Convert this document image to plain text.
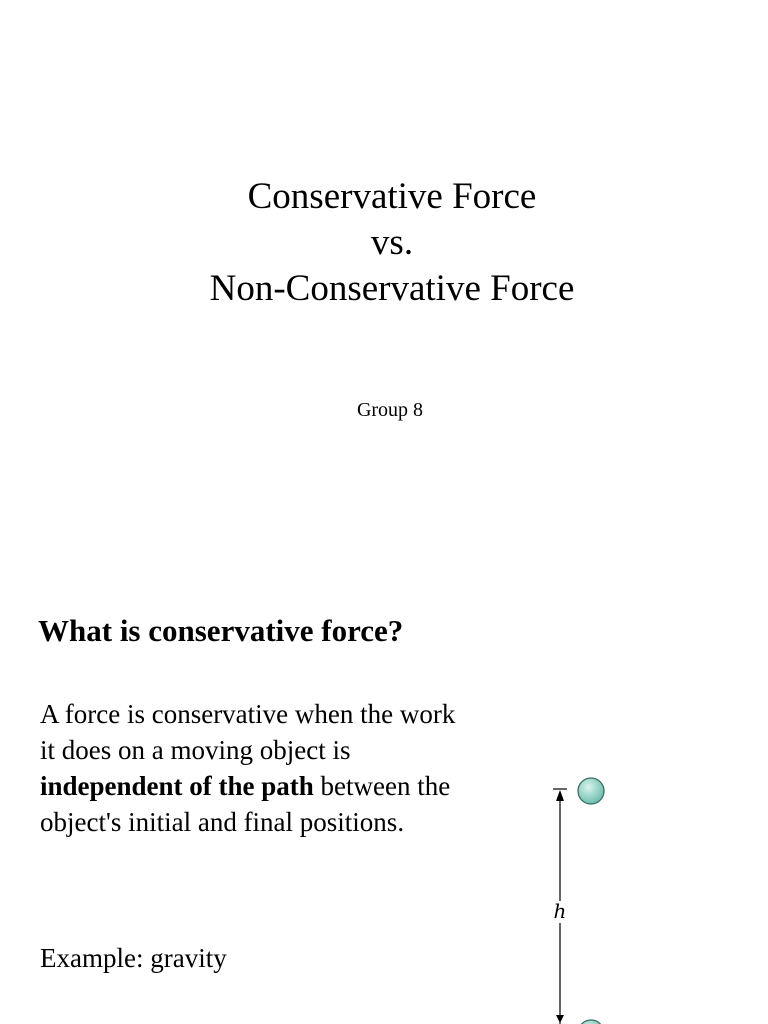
Conservative Force
vs.
Non-Conservative Force
Group 8
What is conservative force?

A force is conservative when the work it does on a moving object is independent of the path between the object's initial and final positions.

Example: gravity
h
